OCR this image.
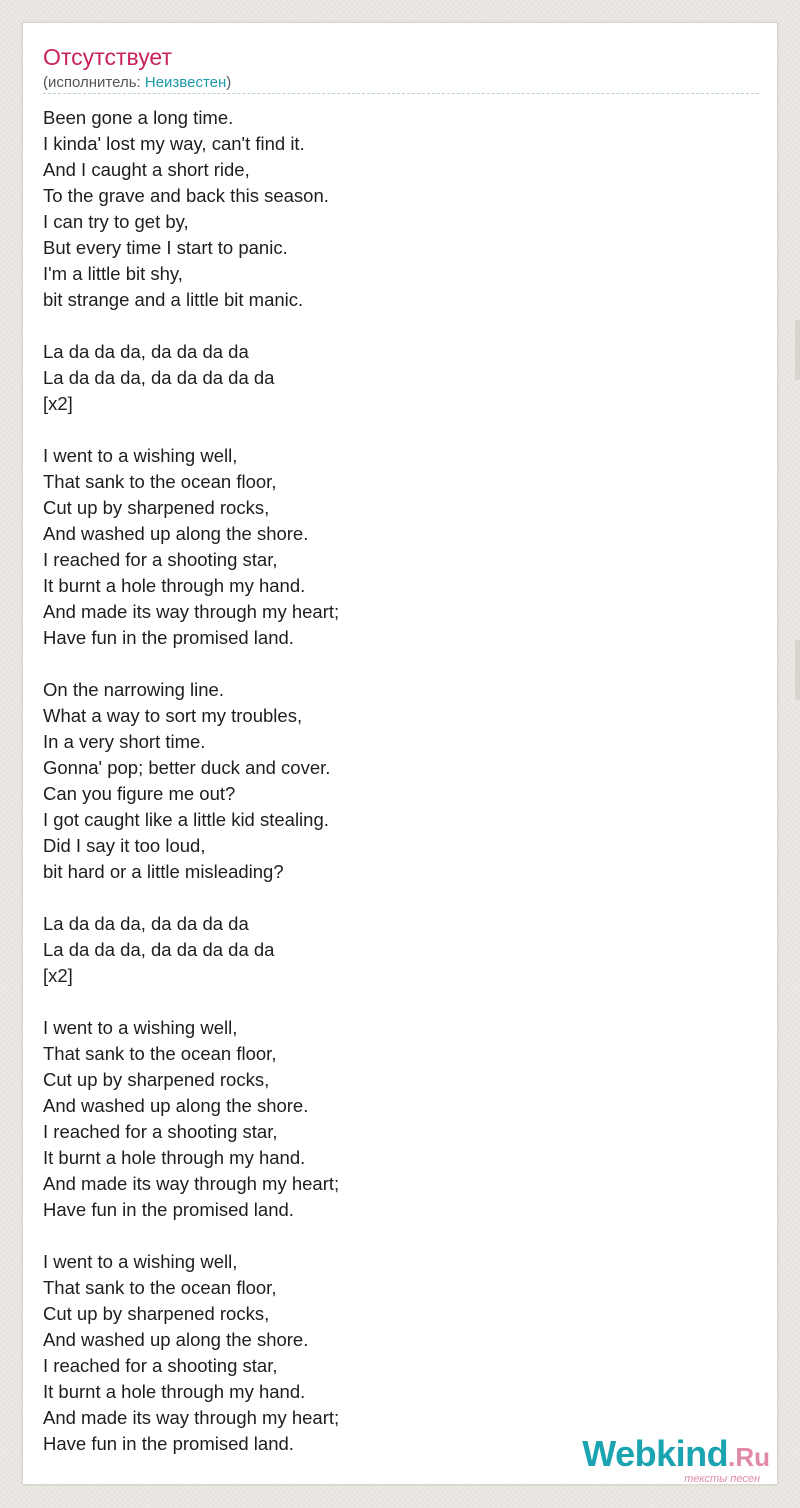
Отсутствует
(исполнитель: Неизвестен)
Been gone a long time.
I kinda' lost my way, can't find it.
And I caught a short ride,
To the grave and back this season.
I can try to get by,
But every time I start to panic.
I'm a little bit shy,
bit strange and a little bit manic.
La da da da, da da da da
La da da da, da da da da da
[x2]
I went to a wishing well,
That sank to the ocean floor,
Cut up by sharpened rocks,
And washed up along the shore.
I reached for a shooting star,
It burnt a hole through my hand.
And made its way through my heart;
Have fun in the promised land.
On the narrowing line.
What a way to sort my troubles,
In a very short time.
Gonna' pop; better duck and cover.
Can you figure me out?
I got caught like a little kid stealing.
Did I say it too loud,
bit hard or a little misleading?
La da da da, da da da da
La da da da, da da da da da
[x2]
I went to a wishing well,
That sank to the ocean floor,
Cut up by sharpened rocks,
And washed up along the shore.
I reached for a shooting star,
It burnt a hole through my hand.
And made its way through my heart;
Have fun in the promised land.
I went to a wishing well,
That sank to the ocean floor,
Cut up by sharpened rocks,
And washed up along the shore.
I reached for a shooting star,
It burnt a hole through my hand.
And made its way through my heart;
Have fun in the promised land.	Webkind.Ru
тексты песен
